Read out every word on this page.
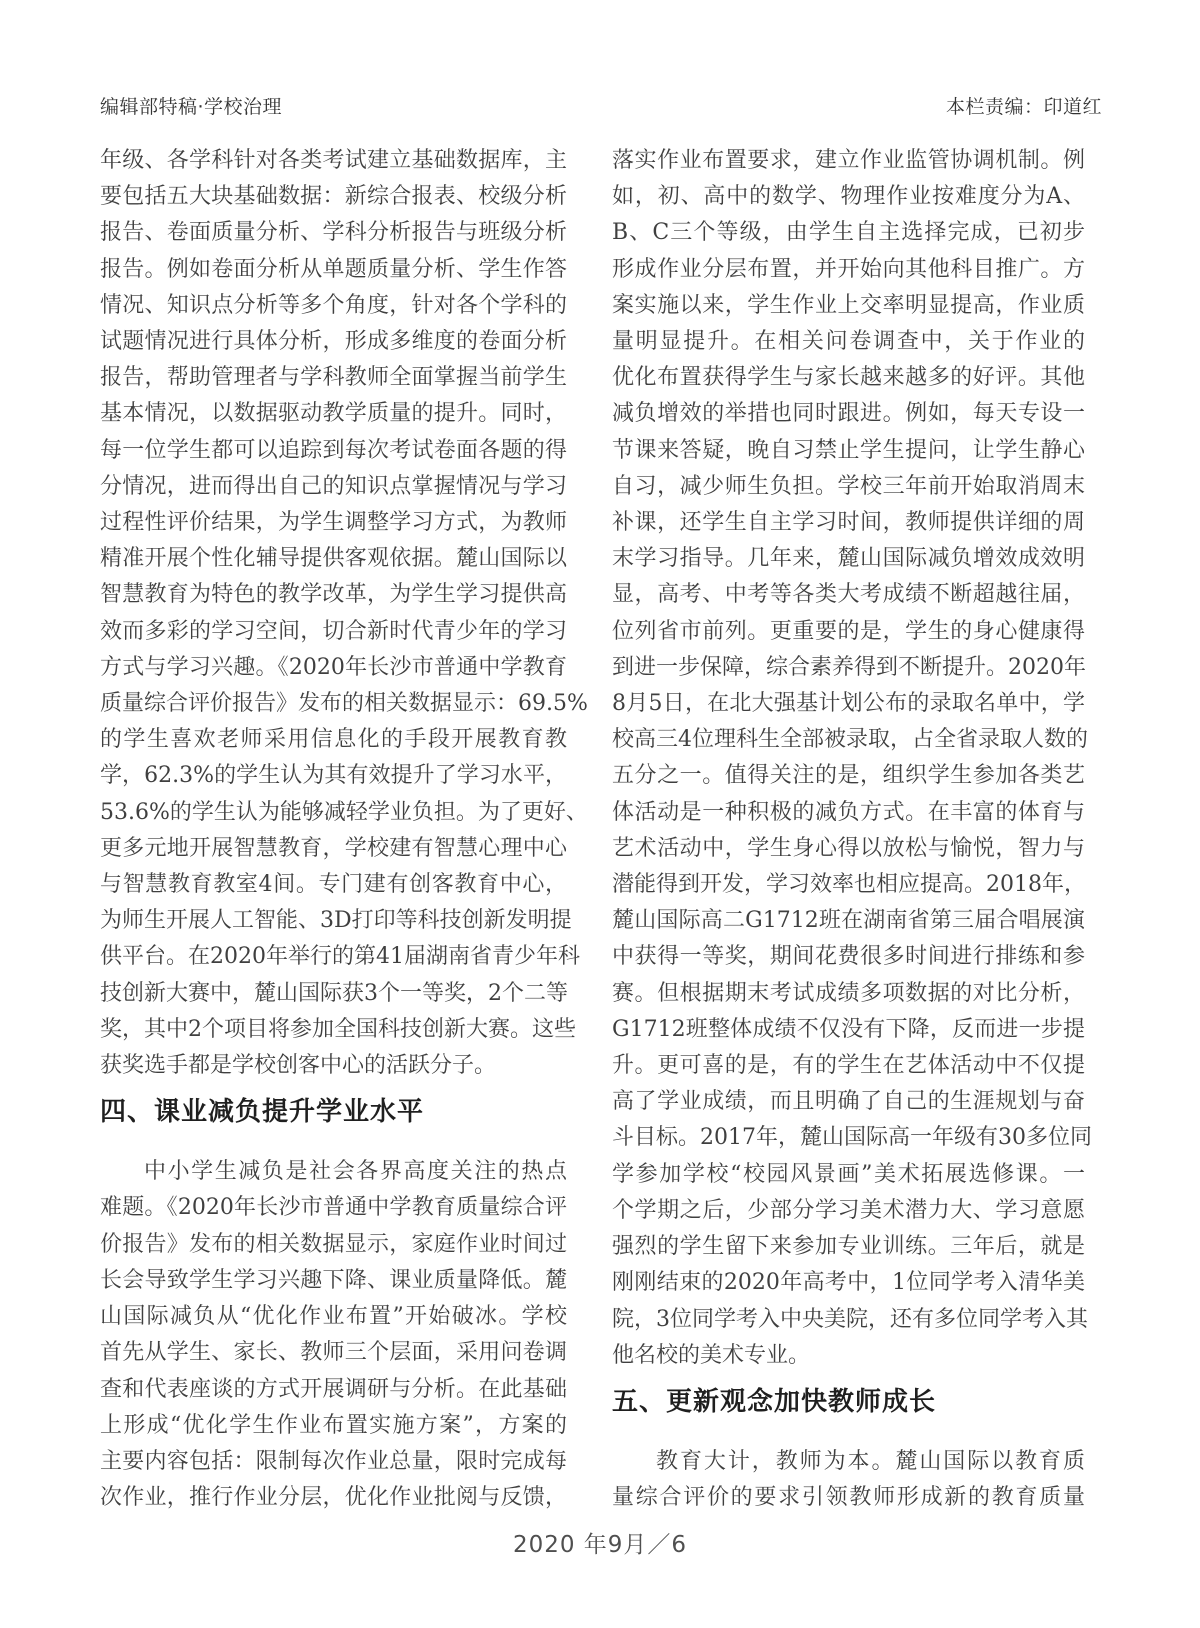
编辑部特稿·学校治理	本栏责编：印道红
年级、各学科针对各类考试建立基础数据库，主
要包括五大块基础数据：新综合报表、校级分析
报告、卷面质量分析、学科分析报告与班级分析
报告。例如卷面分析从单题质量分析、学生作答
情况、知识点分析等多个角度，针对各个学科的
试题情况进行具体分析，形成多维度的卷面分析
报告，帮助管理者与学科教师全面掌握当前学生
基本情况，以数据驱动教学质量的提升。同时，
每一位学生都可以追踪到每次考试卷面各题的得
分情况，进而得出自己的知识点掌握情况与学习
过程性评价结果，为学生调整学习方式，为教师
精准开展个性化辅导提供客观依据。麓山国际以
智慧教育为特色的教学改革，为学生学习提供高
效而多彩的学习空间，切合新时代青少年的学习
方式与学习兴趣。《2020年长沙市普通中学教育
质量综合评价报告》发布的相关数据显示：69.5%
的学生喜欢老师采用信息化的手段开展教育教
学，62.3%的学生认为其有效提升了学习水平，
53.6%的学生认为能够减轻学业负担。为了更好、
更多元地开展智慧教育，学校建有智慧心理中心
与智慧教育教室4间。专门建有创客教育中心，
为师生开展人工智能、3D打印等科技创新发明提
供平台。在2020年举行的第41届湖南省青少年科
技创新大赛中，麓山国际获3个一等奖，2个二等
奖，其中2个项目将参加全国科技创新大赛。这些
获奖选手都是学校创客中心的活跃分子。
四、课业减负提升学业水平
中小学生减负是社会各界高度关注的热点
难题。《2020年长沙市普通中学教育质量综合评
价报告》发布的相关数据显示，家庭作业时间过
长会导致学生学习兴趣下降、课业质量降低。麓
山国际减负从“优化作业布置”开始破冰。学校
首先从学生、家长、教师三个层面，采用问卷调
查和代表座谈的方式开展调研与分析。在此基础
上形成“优化学生作业布置实施方案”，方案的
主要内容包括：限制每次作业总量，限时完成每
次作业，推行作业分层，优化作业批阅与反馈，
落实作业布置要求，建立作业监管协调机制。例
如，初、高中的数学、物理作业按难度分为A、
B、C三个等级，由学生自主选择完成，已初步
形成作业分层布置，并开始向其他科目推广。方
案实施以来，学生作业上交率明显提高，作业质
量明显提升。在相关问卷调查中，关于作业的
优化布置获得学生与家长越来越多的好评。其他
减负增效的举措也同时跟进。例如，每天专设一
节课来答疑，晚自习禁止学生提问，让学生静心
自习，减少师生负担。学校三年前开始取消周末
补课，还学生自主学习时间，教师提供详细的周
末学习指导。几年来，麓山国际减负增效成效明
显，高考、中考等各类大考成绩不断超越往届，
位列省市前列。更重要的是，学生的身心健康得
到进一步保障，综合素养得到不断提升。2020年
8月5日，在北大强基计划公布的录取名单中，学
校高三4位理科生全部被录取，占全省录取人数的
五分之一。值得关注的是，组织学生参加各类艺
体活动是一种积极的减负方式。在丰富的体育与
艺术活动中，学生身心得以放松与愉悦，智力与
潜能得到开发，学习效率也相应提高。2018年，
麓山国际高二G1712班在湖南省第三届合唱展演
中获得一等奖，期间花费很多时间进行排练和参
赛。但根据期末考试成绩多项数据的对比分析，
G1712班整体成绩不仅没有下降，反而进一步提
升。更可喜的是，有的学生在艺体活动中不仅提
高了学业成绩，而且明确了自己的生涯规划与奋
斗目标。2017年，麓山国际高一年级有30多位同
学参加学校“校园风景画”美术拓展选修课。一
个学期之后，少部分学习美术潜力大、学习意愿
强烈的学生留下来参加专业训练。三年后，就是
刚刚结束的2020年高考中，1位同学考入清华美
院，3位同学考入中央美院，还有多位同学考入其
他名校的美术专业。
五、更新观念加快教师成长
教育大计，教师为本。麓山国际以教育质
量综合评价的要求引领教师形成新的教育质量
2020 年9月／6
